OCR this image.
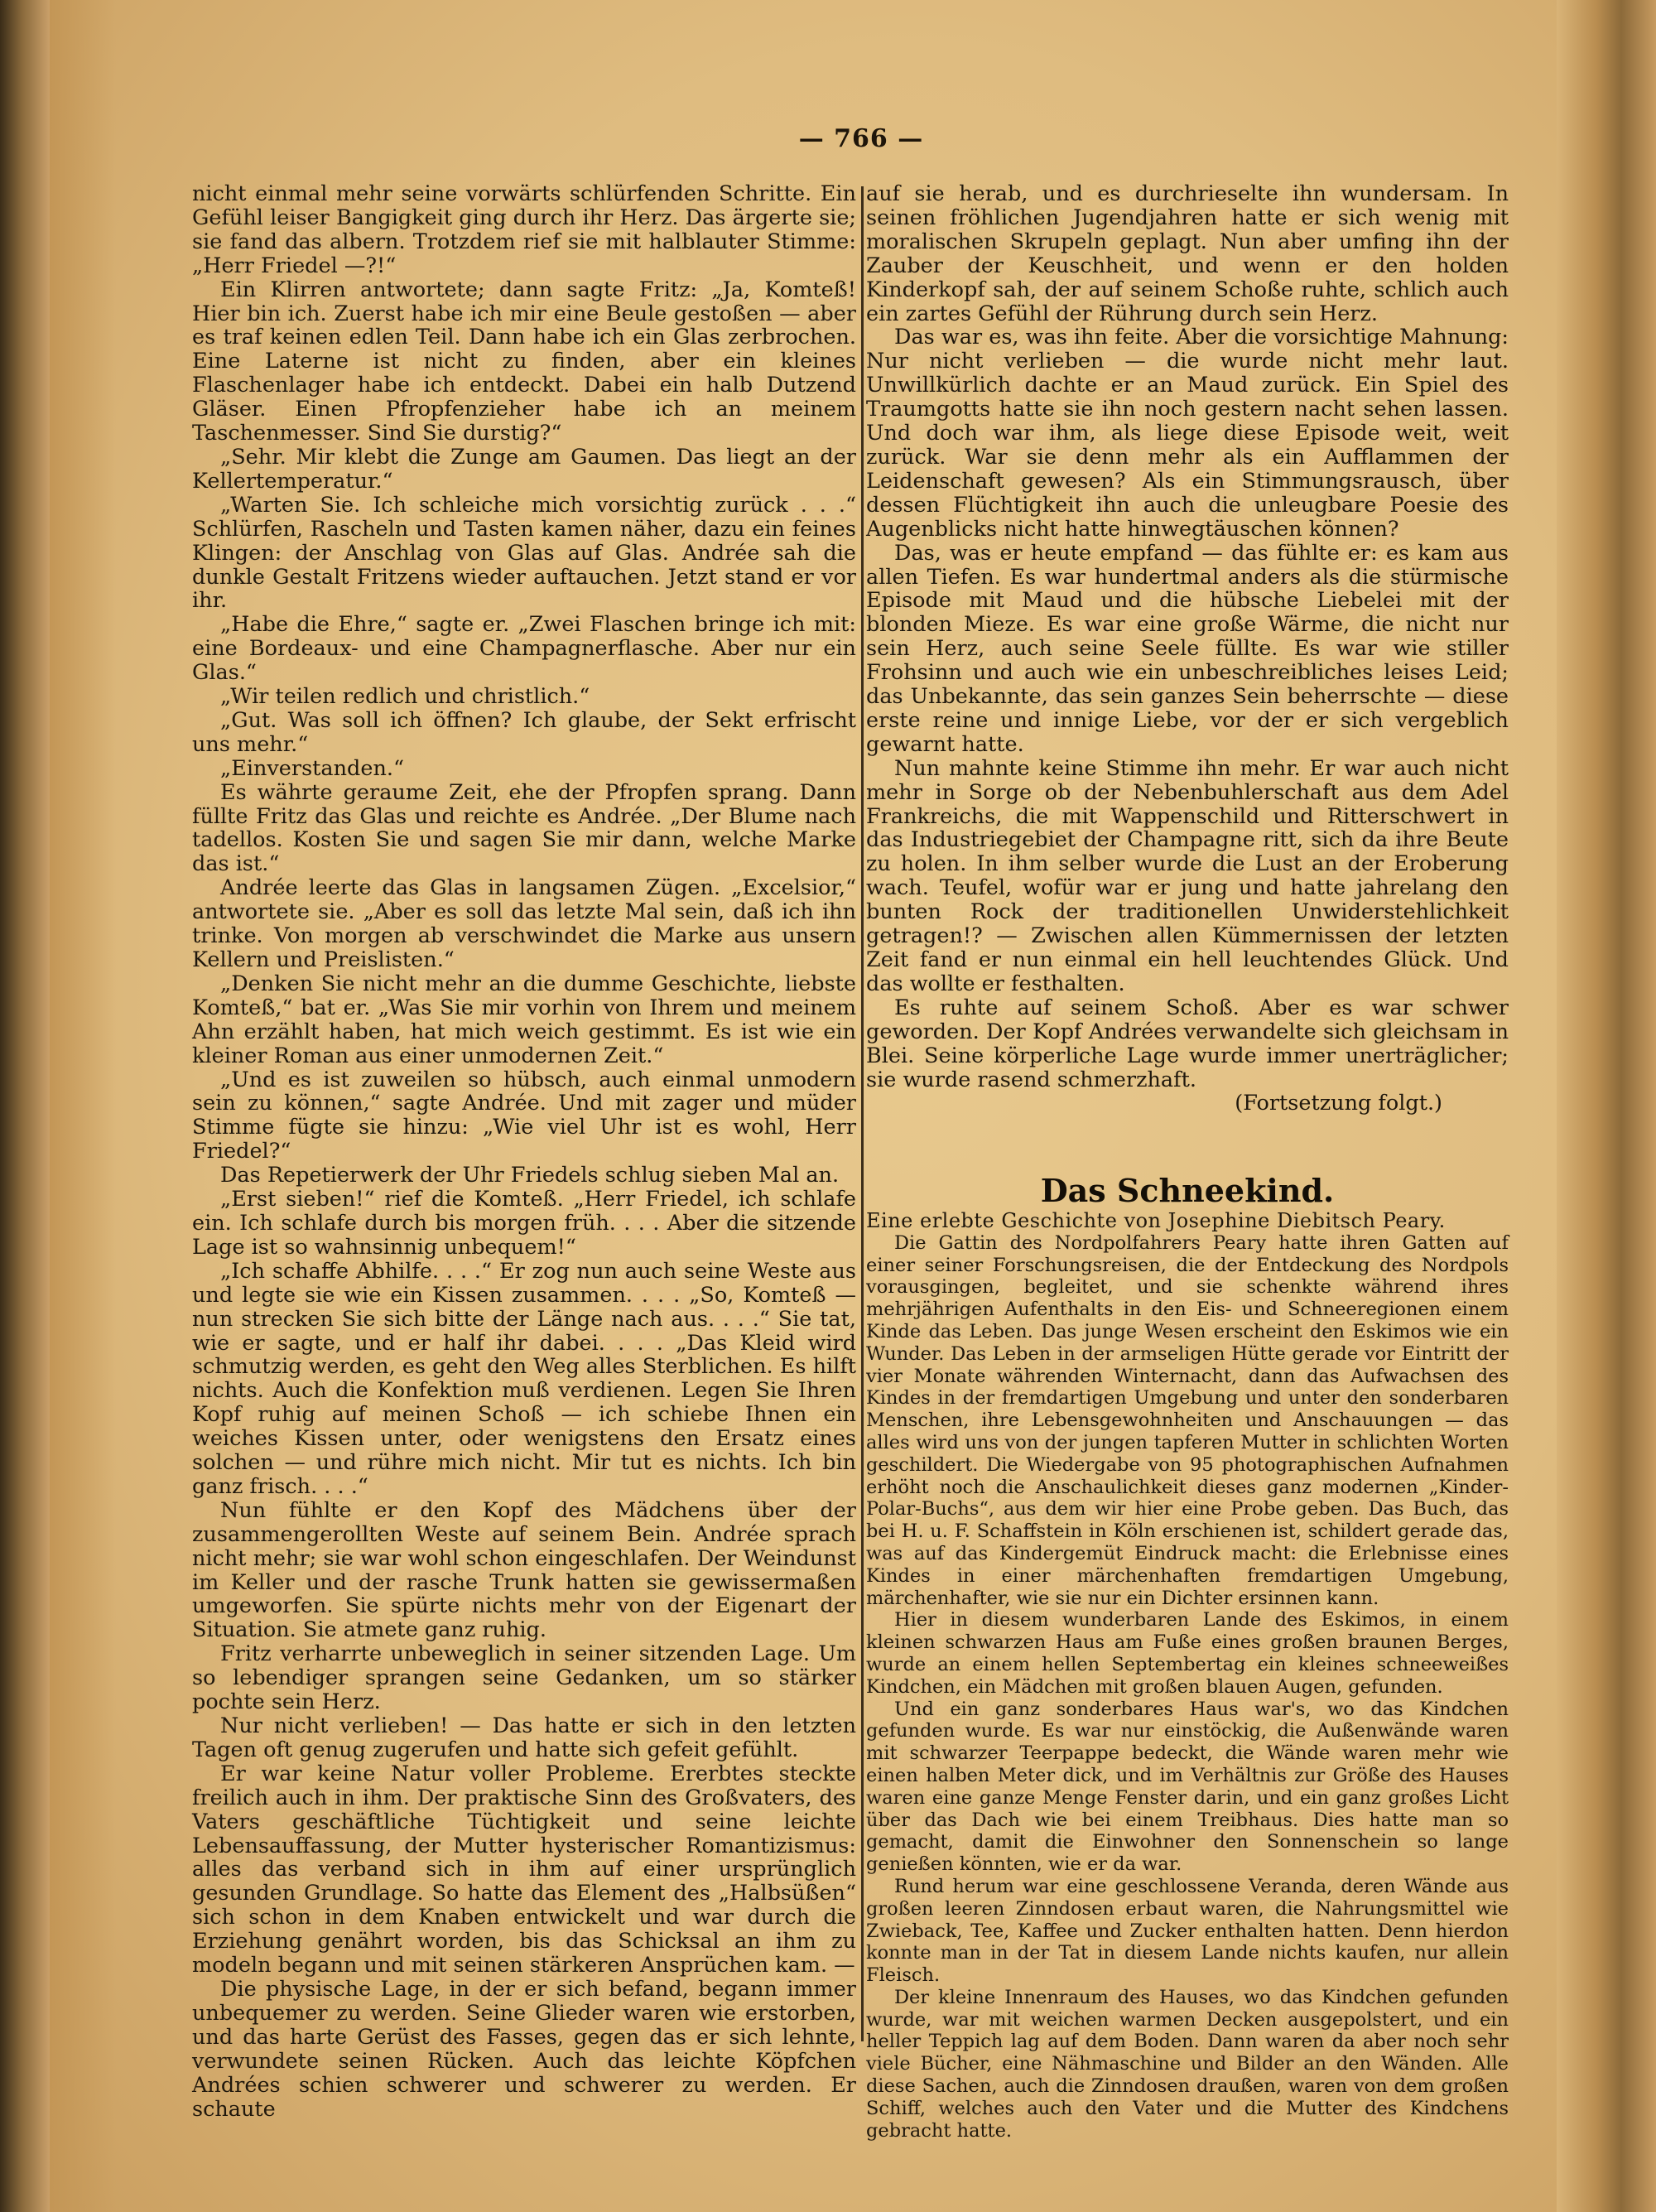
— 766 —

nicht einmal mehr seine vorwärts schlürfenden Schritte. Ein Gefühl leiser Bangigkeit ging durch ihr Herz. Das ärgerte sie; sie fand das albern. Trotzdem rief sie mit halblauter Stimme: „Herr Friedel —?!“

Ein Klirren antwortete; dann sagte Fritz: „Ja, Komteß! Hier bin ich. Zuerst habe ich mir eine Beule gestoßen — aber es traf keinen edlen Teil. Dann habe ich ein Glas zerbrochen. Eine Laterne ist nicht zu finden, aber ein kleines Flaschenlager habe ich entdeckt. Dabei ein halb Dutzend Gläser. Einen Pfropfenzieher habe ich an meinem Taschenmesser. Sind Sie durstig?“

„Sehr. Mir klebt die Zunge am Gaumen. Das liegt an der Kellertemperatur.“

„Warten Sie. Ich schleiche mich vorsichtig zurück . . .“ Schlürfen, Rascheln und Tasten kamen näher, dazu ein feines Klingen: der Anschlag von Glas auf Glas. Andrée sah die dunkle Gestalt Fritzens wieder auftauchen. Jetzt stand er vor ihr.

„Habe die Ehre,“ sagte er. „Zwei Flaschen bringe ich mit: eine Bordeaux- und eine Champagnerflasche. Aber nur ein Glas.“

„Wir teilen redlich und christlich.“

„Gut. Was soll ich öffnen? Ich glaube, der Sekt erfrischt uns mehr.“

„Einverstanden.“

Es währte geraume Zeit, ehe der Pfropfen sprang. Dann füllte Fritz das Glas und reichte es Andrée. „Der Blume nach tadellos. Kosten Sie und sagen Sie mir dann, welche Marke das ist.“

Andrée leerte das Glas in langsamen Zügen. „Excelsior,“ antwortete sie. „Aber es soll das letzte Mal sein, daß ich ihn trinke. Von morgen ab verschwindet die Marke aus unsern Kellern und Preislisten.“

„Denken Sie nicht mehr an die dumme Geschichte, liebste Komteß,“ bat er. „Was Sie mir vorhin von Ihrem und meinem Ahn erzählt haben, hat mich weich gestimmt. Es ist wie ein kleiner Roman aus einer unmodernen Zeit.“

„Und es ist zuweilen so hübsch, auch einmal unmodern sein zu können,“ sagte Andrée. Und mit zager und müder Stimme fügte sie hinzu: „Wie viel Uhr ist es wohl, Herr Friedel?“

Das Repetierwerk der Uhr Friedels schlug sieben Mal an.

„Erst sieben!“ rief die Komteß. „Herr Friedel, ich schlafe ein. Ich schlafe durch bis morgen früh. . . . Aber die sitzende Lage ist so wahnsinnig unbequem!“

„Ich schaffe Abhilfe. . . .“ Er zog nun auch seine Weste aus und legte sie wie ein Kissen zusammen. . . . „So, Komteß — nun strecken Sie sich bitte der Länge nach aus. . . .“ Sie tat, wie er sagte, und er half ihr dabei. . . . „Das Kleid wird schmutzig werden, es geht den Weg alles Sterblichen. Es hilft nichts. Auch die Konfektion muß verdienen. Legen Sie Ihren Kopf ruhig auf meinen Schoß — ich schiebe Ihnen ein weiches Kissen unter, oder wenigstens den Ersatz eines solchen — und rühre mich nicht. Mir tut es nichts. Ich bin ganz frisch. . . .“

Nun fühlte er den Kopf des Mädchens über der zusammengerollten Weste auf seinem Bein. Andrée sprach nicht mehr; sie war wohl schon eingeschlafen. Der Weindunst im Keller und der rasche Trunk hatten sie gewissermaßen umgeworfen. Sie spürte nichts mehr von der Eigenart der Situation. Sie atmete ganz ruhig.

Fritz verharrte unbeweglich in seiner sitzenden Lage. Um so lebendiger sprangen seine Gedanken, um so stärker pochte sein Herz.

Nur nicht verlieben! — Das hatte er sich in den letzten Tagen oft genug zugerufen und hatte sich gefeit gefühlt.

Er war keine Natur voller Probleme. Ererbtes steckte freilich auch in ihm. Der praktische Sinn des Großvaters, des Vaters geschäftliche Tüchtigkeit und seine leichte Lebensauffassung, der Mutter hysterischer Romantizismus: alles das verband sich in ihm auf einer ursprünglich gesunden Grundlage. So hatte das Element des „Halbsüßen“ sich schon in dem Knaben entwickelt und war durch die Erziehung genährt worden, bis das Schicksal an ihm zu modeln begann und mit seinen stärkeren Ansprüchen kam. —

Die physische Lage, in der er sich befand, begann immer unbequemer zu werden. Seine Glieder waren wie erstorben, und das harte Gerüst des Fasses, gegen das er sich lehnte, verwundete seinen Rücken. Auch das leichte Köpfchen Andrées schien schwerer und schwerer zu werden. Er schaute

auf sie herab, und es durchrieselte ihn wundersam. In seinen fröhlichen Jugendjahren hatte er sich wenig mit moralischen Skrupeln geplagt. Nun aber umfing ihn der Zauber der Keuschheit, und wenn er den holden Kinderkopf sah, der auf seinem Schoße ruhte, schlich auch ein zartes Gefühl der Rührung durch sein Herz.

Das war es, was ihn feite. Aber die vorsichtige Mahnung: Nur nicht verlieben — die wurde nicht mehr laut. Unwillkürlich dachte er an Maud zurück. Ein Spiel des Traumgotts hatte sie ihn noch gestern nacht sehen lassen. Und doch war ihm, als liege diese Episode weit, weit zurück. War sie denn mehr als ein Aufflammen der Leidenschaft gewesen? Als ein Stimmungsrausch, über dessen Flüchtigkeit ihn auch die unleugbare Poesie des Augenblicks nicht hatte hinwegtäuschen können?

Das, was er heute empfand — das fühlte er: es kam aus allen Tiefen. Es war hundertmal anders als die stürmische Episode mit Maud und die hübsche Liebelei mit der blonden Mieze. Es war eine große Wärme, die nicht nur sein Herz, auch seine Seele füllte. Es war wie stiller Frohsinn und auch wie ein unbeschreibliches leises Leid; das Unbekannte, das sein ganzes Sein beherrschte — diese erste reine und innige Liebe, vor der er sich vergeblich gewarnt hatte.

Nun mahnte keine Stimme ihn mehr. Er war auch nicht mehr in Sorge ob der Nebenbuhlerschaft aus dem Adel Frankreichs, die mit Wappenschild und Ritterschwert in das Industriegebiet der Champagne ritt, sich da ihre Beute zu holen. In ihm selber wurde die Lust an der Eroberung wach. Teufel, wofür war er jung und hatte jahrelang den bunten Rock der traditionellen Unwiderstehlichkeit getragen!? — Zwischen allen Kümmernissen der letzten Zeit fand er nun einmal ein hell leuchtendes Glück. Und das wollte er festhalten.

Es ruhte auf seinem Schoß. Aber es war schwer geworden. Der Kopf Andrées verwandelte sich gleichsam in Blei. Seine körperliche Lage wurde immer unerträglicher; sie wurde rasend schmerzhaft.

(Fortsetzung folgt.)

Das Schneekind.

Eine erlebte Geschichte von Josephine Diebitsch Peary.

Die Gattin des Nordpolfahrers Peary hatte ihren Gatten auf einer seiner Forschungsreisen, die der Entdeckung des Nordpols vorausgingen, begleitet, und sie schenkte während ihres mehrjährigen Aufenthalts in den Eis- und Schneeregionen einem Kinde das Leben. Das junge Wesen erscheint den Eskimos wie ein Wunder. Das Leben in der armseligen Hütte gerade vor Eintritt der vier Monate währenden Winternacht, dann das Aufwachsen des Kindes in der fremdartigen Umgebung und unter den sonderbaren Menschen, ihre Lebensgewohnheiten und Anschauungen — das alles wird uns von der jungen tapferen Mutter in schlichten Worten geschildert. Die Wiedergabe von 95 photographischen Aufnahmen erhöht noch die Anschaulichkeit dieses ganz modernen „Kinder-Polar-Buchs“, aus dem wir hier eine Probe geben. Das Buch, das bei H. u. F. Schaffstein in Köln erschienen ist, schildert gerade das, was auf das Kindergemüt Eindruck macht: die Erlebnisse eines Kindes in einer märchenhaften fremdartigen Umgebung, märchenhafter, wie sie nur ein Dichter ersinnen kann.

Hier in diesem wunderbaren Lande des Eskimos, in einem kleinen schwarzen Haus am Fuße eines großen braunen Berges, wurde an einem hellen Septembertag ein kleines schneeweißes Kindchen, ein Mädchen mit großen blauen Augen, gefunden.

Und ein ganz sonderbares Haus war's, wo das Kindchen gefunden wurde. Es war nur einstöckig, die Außenwände waren mit schwarzer Teerpappe bedeckt, die Wände waren mehr wie einen halben Meter dick, und im Verhältnis zur Größe des Hauses waren eine ganze Menge Fenster darin, und ein ganz großes Licht über das Dach wie bei einem Treibhaus. Dies hatte man so gemacht, damit die Einwohner den Sonnenschein so lange genießen könnten, wie er da war.

Rund herum war eine geschlossene Veranda, deren Wände aus großen leeren Zinndosen erbaut waren, die Nahrungsmittel wie Zwieback, Tee, Kaffee und Zucker enthalten hatten. Denn hierdon konnte man in der Tat in diesem Lande nichts kaufen, nur allein Fleisch.

Der kleine Innenraum des Hauses, wo das Kindchen gefunden wurde, war mit weichen warmen Decken ausgepolstert, und ein heller Teppich lag auf dem Boden. Dann waren da aber noch sehr viele Bücher, eine Nähmaschine und Bilder an den Wänden. Alle diese Sachen, auch die Zinndosen draußen, waren von dem großen Schiff, welches auch den Vater und die Mutter des Kindchens gebracht hatte.
